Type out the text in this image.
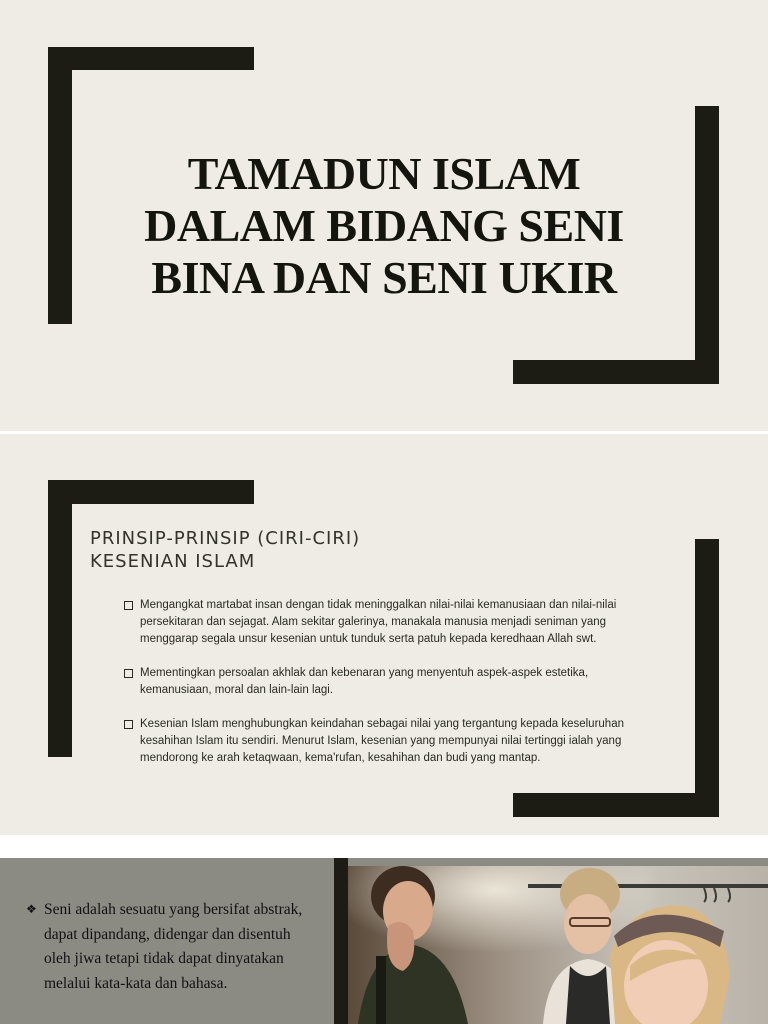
TAMADUN ISLAM
DALAM BIDANG SENI
BINA DAN SENI UKIR
PRINSIP-PRINSIP (CIRI-CIRI)
KESENIAN ISLAM
Mengangkat martabat insan dengan tidak meninggalkan nilai-nilai kemanusiaan dan nilai-nilai persekitaran dan sejagat. Alam sekitar galerinya, manakala manusia menjadi seniman yang menggarap segala unsur kesenian untuk tunduk serta patuh kepada keredhaan Allah swt.
Mementingkan persoalan akhlak dan kebenaran yang menyentuh aspek-aspek estetika, kemanusiaan, moral dan lain-lain lagi.
Kesenian Islam menghubungkan keindahan sebagai nilai yang tergantung kepada keseluruhan kesahihan Islam itu sendiri. Menurut Islam, kesenian yang mempunyai nilai tertinggi ialah yang mendorong ke arah ketaqwaan, kema'rufan, kesahihan dan budi yang mantap.
❖ Seni adalah sesuatu yang bersifat abstrak, dapat dipandang, didengar dan disentuh oleh jiwa tetapi tidak dapat dinyatakan melalui kata-kata dan bahasa.
